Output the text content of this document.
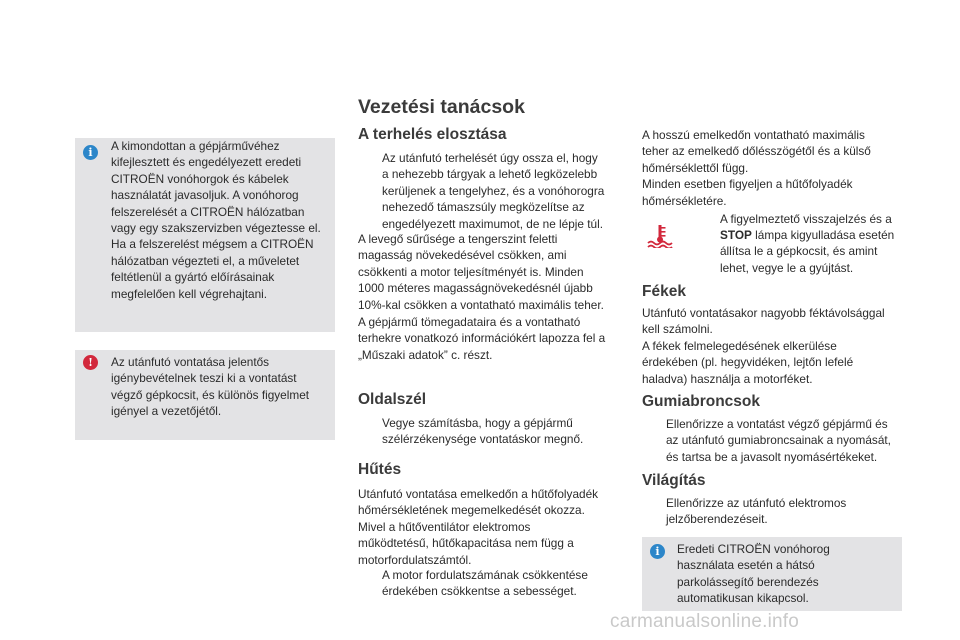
i	A kimondottan a gépjárművéhez
kifejlesztett és engedélyezett eredeti
CITROËN vonóhorgok és kábelek
használatát javasoljuk. A vonóhorog
felszerelését a CITROËN hálózatban
vagy egy szakszervizben végeztesse el.
Ha a felszerelést mégsem a CITROËN
hálózatban végezteti el, a műveletet
feltétlenül a gyártó előírásainak
megfelelően kell végrehajtani.
!	Az utánfutó vontatása jelentős
igénybevételnek teszi ki a vontatást
végző gépkocsit, és különös figyelmet
igényel a vezetőjétől.
Vezetési tanácsok
A terhelés elosztása
Az utánfutó terhelését úgy ossza el, hogy
a nehezebb tárgyak a lehető legközelebb
kerüljenek a tengelyhez, és a vonóhorogra
nehezedő támaszsúly megközelítse az
engedélyezett maximumot, de ne lépje túl.
A levegő sűrűsége a tengerszint feletti
magasság növekedésével csökken, ami
csökkenti a motor teljesítményét is. Minden
1000 méteres magasságnövekedésnél újabb
10%-kal csökken a vontatható maximális teher.
A gépjármű tömegadataira és a vontatható
terhekre vonatkozó információkért lapozza fel a
„Műszaki adatok” c. részt.
Oldalszél
Vegye számításba, hogy a gépjármű
szélérzékenysége vontatáskor megnő.
Hűtés
Utánfutó vontatása emelkedőn a hűtőfolyadék
hőmérsékletének megemelkedését okozza.
Mivel a hűtőventilátor elektromos
működtetésű, hűtőkapacitása nem függ a
motorfordulatszámtól.
A motor fordulatszámának csökkentése
érdekében csökkentse a sebességet.
A hosszú emelkedőn vontatható maximális
teher az emelkedő dőlésszögétől és a külső
hőmérséklettől függ.
Minden esetben figyeljen a hűtőfolyadék
hőmérsékletére.
A figyelmeztető visszajelzés és a
STOP lámpa kigyulladása esetén
állítsa le a gépkocsit, és amint
lehet, vegye le a gyújtást.
Fékek
Utánfutó vontatásakor nagyobb féktávolsággal
kell számolni.
A fékek felmelegedésének elkerülése
érdekében (pl. hegyvidéken, lejtőn lefelé
haladva) használja a motorféket.
Gumiabroncsok
Ellenőrizze a vontatást végző gépjármű és
az utánfutó gumiabroncsainak a nyomását,
és tartsa be a javasolt nyomásértékeket.
Világítás
Ellenőrizze az utánfutó elektromos
jelzőberendezéseit.
i	Eredeti CITROËN vonóhorog
használata esetén a hátsó
parkolássegítő berendezés
automatikusan kikapcsol.
carmanualsonline.info
